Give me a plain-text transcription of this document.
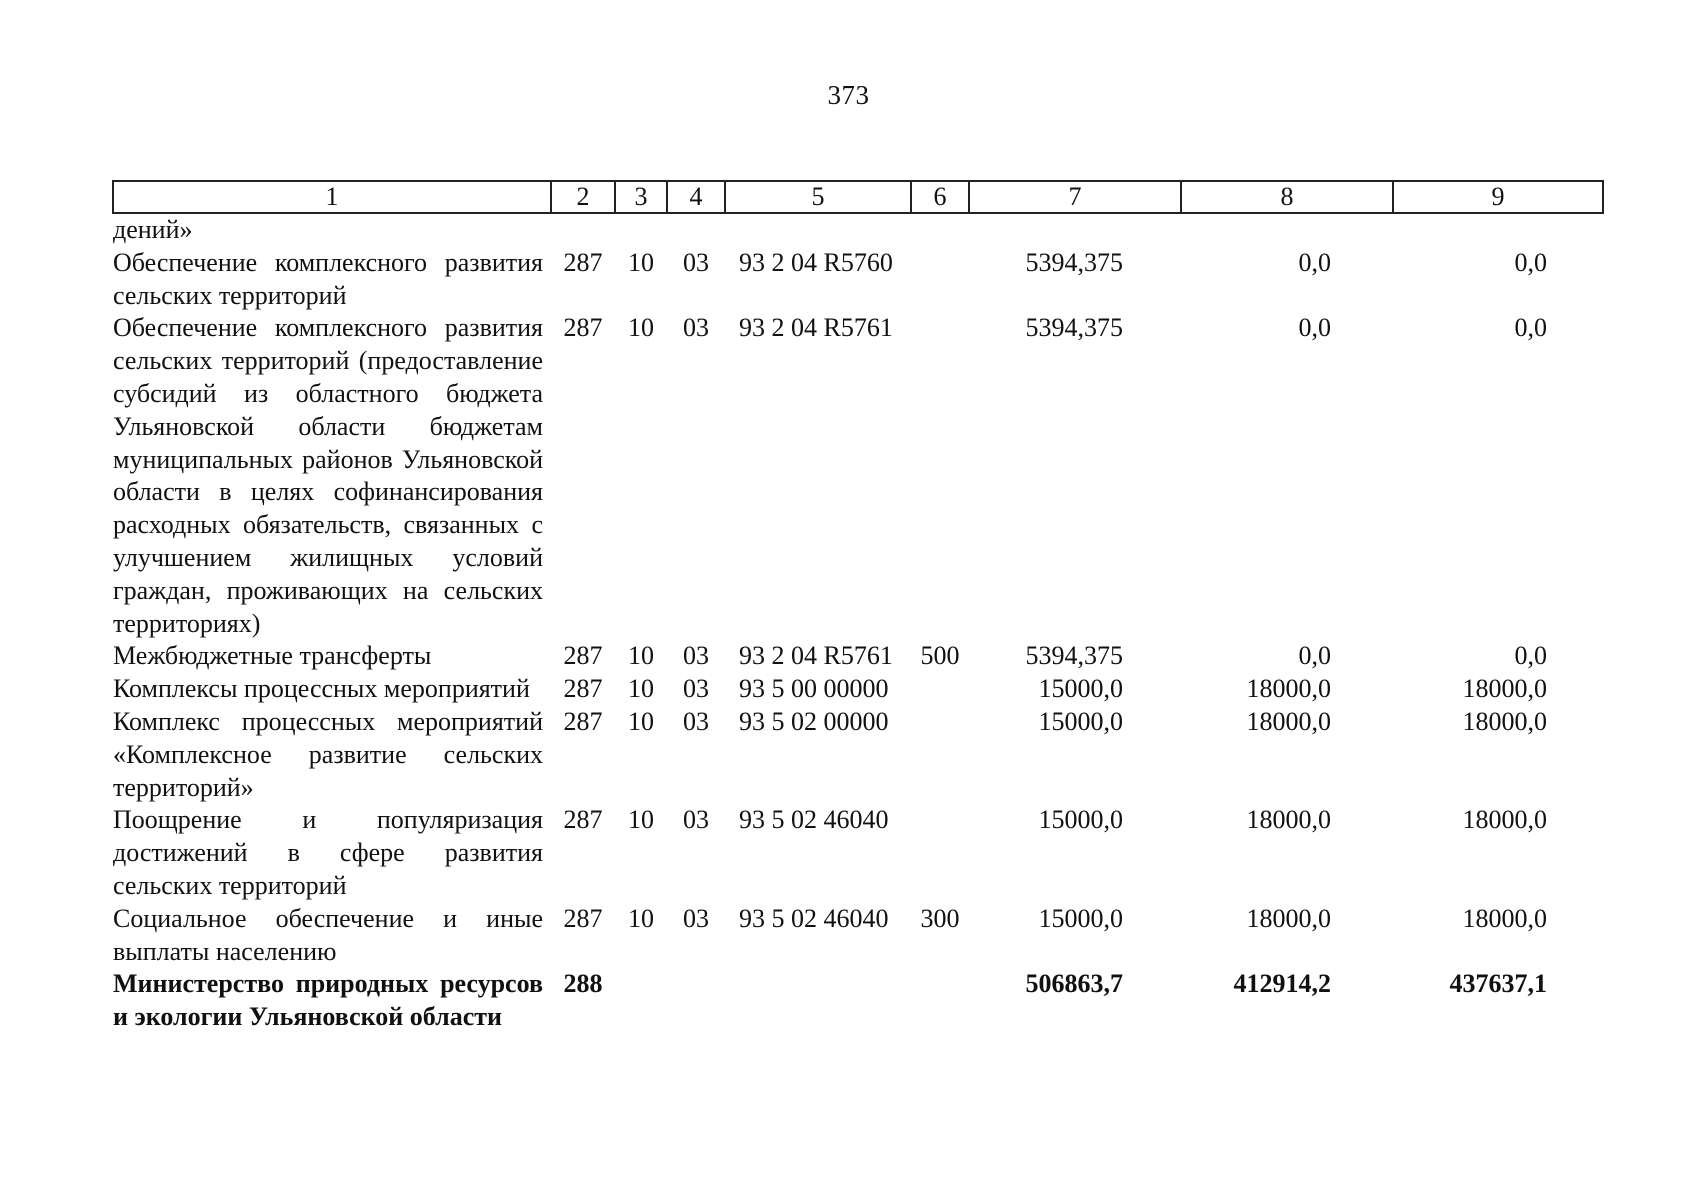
373
1	2	3	4	5	6	7	8	9
дений»								
Обеспечение комплексного развития сельских территорий	287	10	03	93 2 04 R5760		5394,375	0,0	0,0
Обеспечение комплексного развития сельских территорий (предоставление субсидий из областного бюджета Ульяновской области бюджетам муниципальных районов Ульяновской области в целях софинансирования расходных обязательств, связанных с улучшением жилищных условий граждан, проживающих на сельских территориях)	287	10	03	93 2 04 R5761		5394,375	0,0	0,0
Межбюджетные трансферты	287	10	03	93 2 04 R5761	500	5394,375	0,0	0,0
Комплексы процессных мероприятий	287	10	03	93 5 00 00000		15000,0	18000,0	18000,0
Комплекс процессных мероприятий «Комплексное развитие сельских территорий»	287	10	03	93 5 02 00000		15000,0	18000,0	18000,0
Поощрение и популяризация достижений в сфере развития сельских территорий	287	10	03	93 5 02 46040		15000,0	18000,0	18000,0
Социальное обеспечение и иные выплаты населению	287	10	03	93 5 02 46040	300	15000,0	18000,0	18000,0
Министерство природных ресурсов и экологии Ульяновской области	288					506863,7	412914,2	437637,1
